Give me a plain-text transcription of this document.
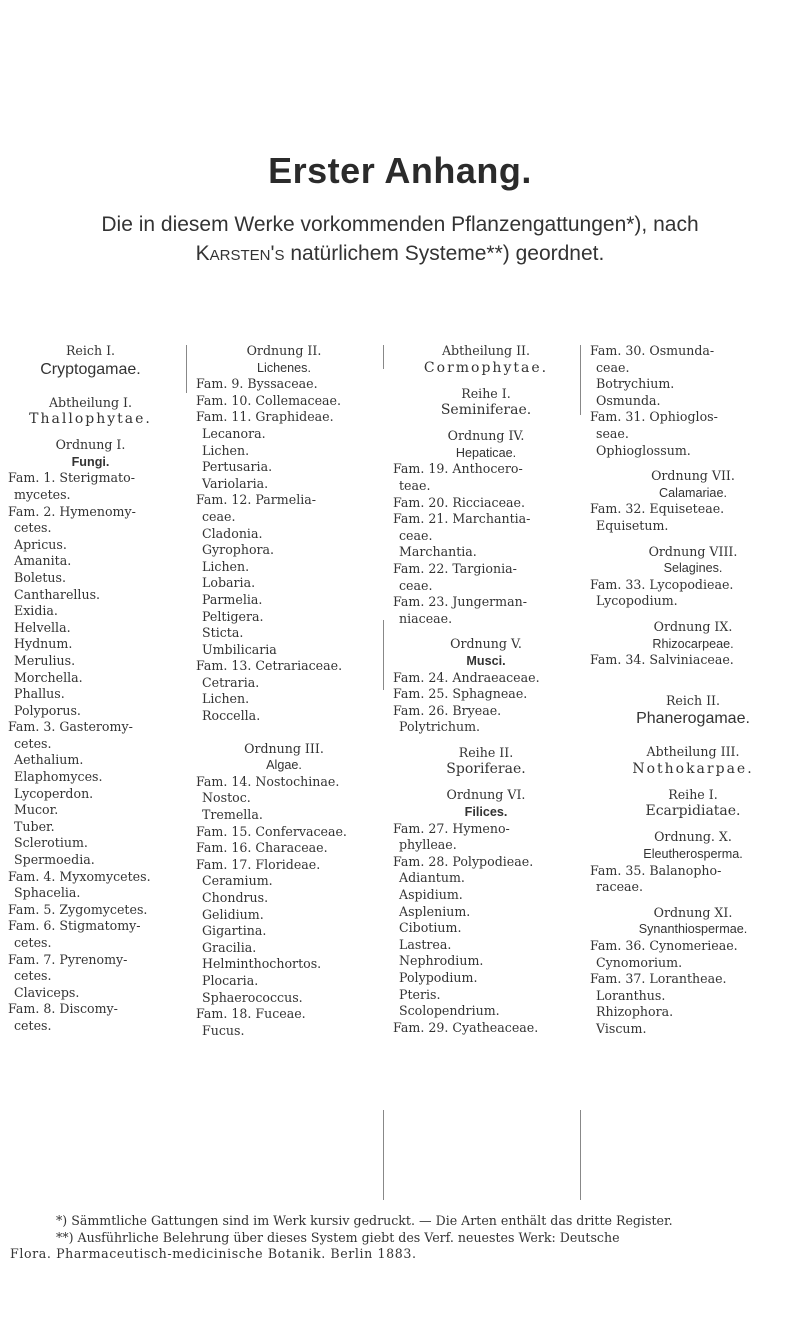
Erster Anhang.
Die in diesem Werke vorkommenden Pflanzengattungen*), nach
Karsten's natürlichem Systeme**) geordnet.
Reich I.
Cryptogamae.
Abtheilung I.
Thallophytae.
Ordnung I.
Fungi.
Fam. 1. Sterigmato-
mycetes.
Fam. 2. Hymenomy-
cetes.
Apricus.
Amanita.
Boletus.
Cantharellus.
Exidia.
Helvella.
Hydnum.
Merulius.
Morchella.
Phallus.
Polyporus.
Fam. 3. Gasteromy-
cetes.
Aethalium.
Elaphomyces.
Lycoperdon.
Mucor.
Tuber.
Sclerotium.
Spermoedia.
Fam. 4. Myxomycetes.
Sphacelia.
Fam. 5. Zygomycetes.
Fam. 6. Stigmatomy-
cetes.
Fam. 7. Pyrenomy-
cetes.
Claviceps.
Fam. 8. Discomy-
cetes.
Ordnung II.
Lichenes.
Fam. 9. Byssaceae.
Fam. 10. Collemaceae.
Fam. 11. Graphideae.
Lecanora.
Lichen.
Pertusaria.
Variolaria.
Fam. 12. Parmelia-
ceae.
Cladonia.
Gyrophora.
Lichen.
Lobaria.
Parmelia.
Peltigera.
Sticta.
Umbilicaria
Fam. 13. Cetrariaceae.
Cetraria.
Lichen.
Roccella.
Ordnung III.
Algae.
Fam. 14. Nostochinae.
Nostoc.
Tremella.
Fam. 15. Confervaceae.
Fam. 16. Characeae.
Fam. 17. Florideae.
Ceramium.
Chondrus.
Gelidium.
Gigartina.
Gracilia.
Helminthochortos.
Plocaria.
Sphaerococcus.
Fam. 18. Fuceae.
Fucus.
Abtheilung II.
Cormophytae.
Reihe I.
Seminiferae.
Ordnung IV.
Hepaticae.
Fam. 19. Anthocero-
teae.
Fam. 20. Ricciaceae.
Fam. 21. Marchantia-
ceae.
Marchantia.
Fam. 22. Targionia-
ceae.
Fam. 23. Jungerman-
niaceae.
Ordnung V.
Musci.
Fam. 24. Andraeaceae.
Fam. 25. Sphagneae.
Fam. 26. Bryeae.
Polytrichum.
Reihe II.
Sporiferae.
Ordnung VI.
Filices.
Fam. 27. Hymeno-
phylleae.
Fam. 28. Polypodieae.
Adiantum.
Aspidium.
Asplenium.
Cibotium.
Lastrea.
Nephrodium.
Polypodium.
Pteris.
Scolopendrium.
Fam. 29. Cyatheaceae.
Fam. 30. Osmunda-
ceae.
Botrychium.
Osmunda.
Fam. 31. Ophioglos-
seae.
Ophioglossum.
Ordnung VII.
Calamariae.
Fam. 32. Equiseteae.
Equisetum.
Ordnung VIII.
Selagines.
Fam. 33. Lycopodieae.
Lycopodium.
Ordnung IX.
Rhizocarpeae.
Fam. 34. Salviniaceae.
Reich II.
Phanerogamae.
Abtheilung III.
Nothokarpae.
Reihe I.
Ecarpidiatae.
Ordnung. X.
Eleutherosperma.
Fam. 35. Balanopho-
raceae.
Ordnung XI.
Synanthiospermae.
Fam. 36. Cynomerieae.
Cynomorium.
Fam. 37. Lorantheae.
Loranthus.
Rhizophora.
Viscum.
*) Sämmtliche Gattungen sind im Werk kursiv gedruckt. — Die Arten enthält das dritte Register.
**) Ausführliche Belehrung über dieses System giebt des Verf. neuestes Werk: Deutsche
Flora. Pharmaceutisch-medicinische Botanik. Berlin 1883.
